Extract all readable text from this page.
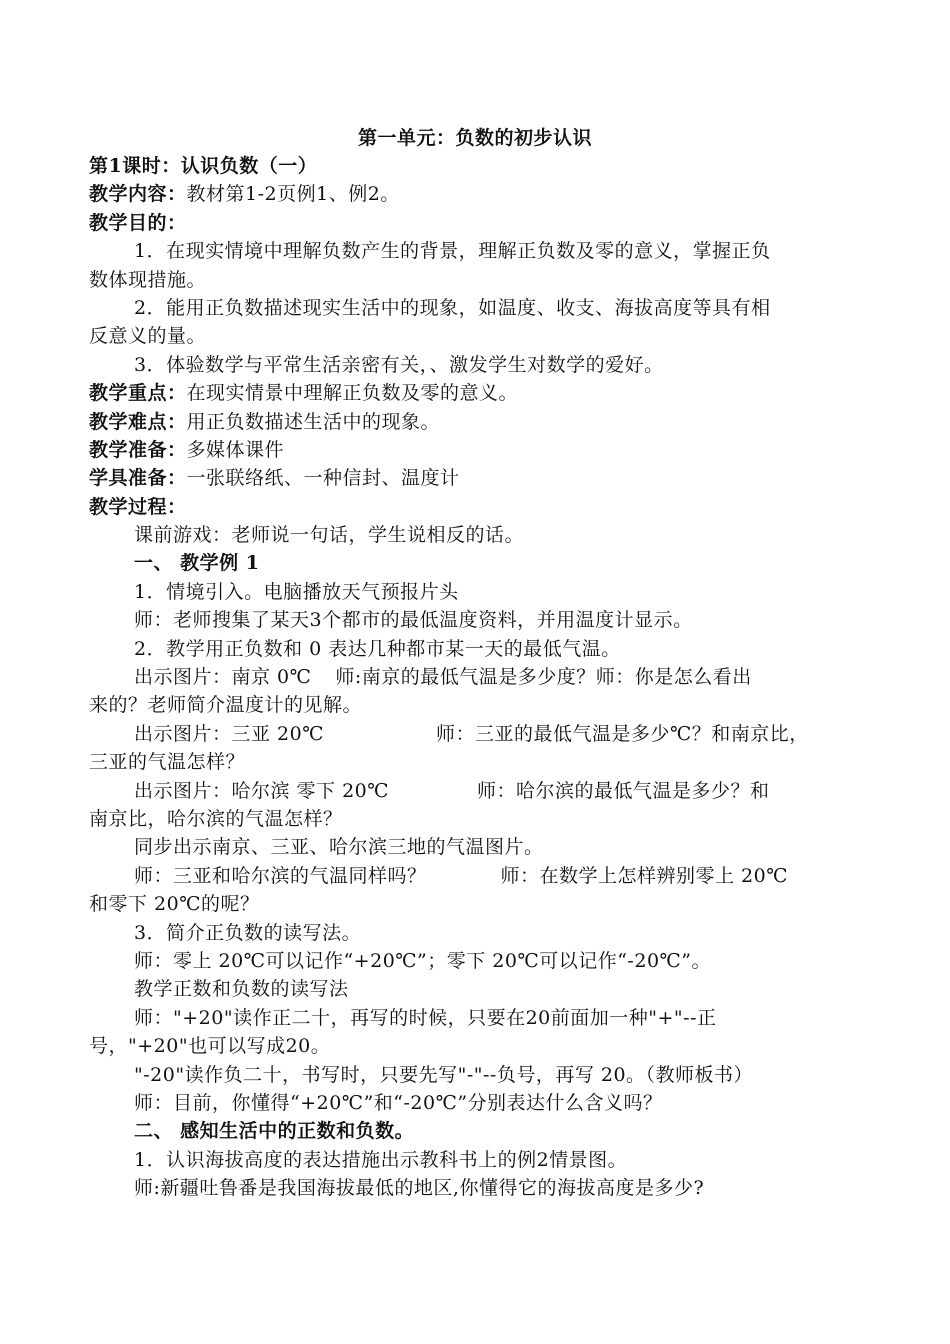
第一单元：负数的初步认识
第1课时：认识负数（一）
教学内容：教材第1-2页例1、例2。
教学目的：
1．在现实情境中理解负数产生的背景，理解正负数及零的意义，掌握正负
数体现措施。
2．能用正负数描述现实生活中的现象，如温度、收支、海拔高度等具有相
反意义的量。
3．体验数学与平常生活亲密有关，、激发学生对数学的爱好。
教学重点：在现实情景中理解正负数及零的意义。
教学难点：用正负数描述生活中的现象。
教学准备：多媒体课件
学具准备：一张联络纸、一种信封、温度计
教学过程：
课前游戏：老师说一句话，学生说相反的话。
一、 教学例 1
1．情境引入。电脑播放天气预报片头
师：老师搜集了某天3个都市的最低温度资料，并用温度计显示。
2．教学用正负数和 0 表达几种都市某一天的最低气温。
出示图片：南京 0℃ 师:南京的最低气温是多少度？师：你是怎么看出
来的？老师简介温度计的见解。
出示图片：三亚 20℃	师：三亚的最低气温是多少℃？和南京比，
三亚的气温怎样？
出示图片：哈尔滨 零下 20℃	师：哈尔滨的最低气温是多少？和
南京比，哈尔滨的气温怎样？
同步出示南京、三亚、哈尔滨三地的气温图片。
师：三亚和哈尔滨的气温同样吗？	师：在数学上怎样辨别零上 20℃
和零下 20℃的呢？
3．简介正负数的读写法。
师：零上 20℃可以记作“+20℃”；零下 20℃可以记作“-20℃”。
教学正数和负数的读写法
师："+20"读作正二十，再写的时候，只要在20前面加一种"+"--正
号，"+20"也可以写成20。
"-20"读作负二十，书写时，只要先写"-"--负号，再写 20。（教师板书）
师：目前，你懂得“+20℃”和“-20℃”分别表达什么含义吗？
二、 感知生活中的正数和负数。
1．认识海拔高度的表达措施出示教科书上的例2情景图。
师:新疆吐鲁番是我国海拔最低的地区,你懂得它的海拔高度是多少?
